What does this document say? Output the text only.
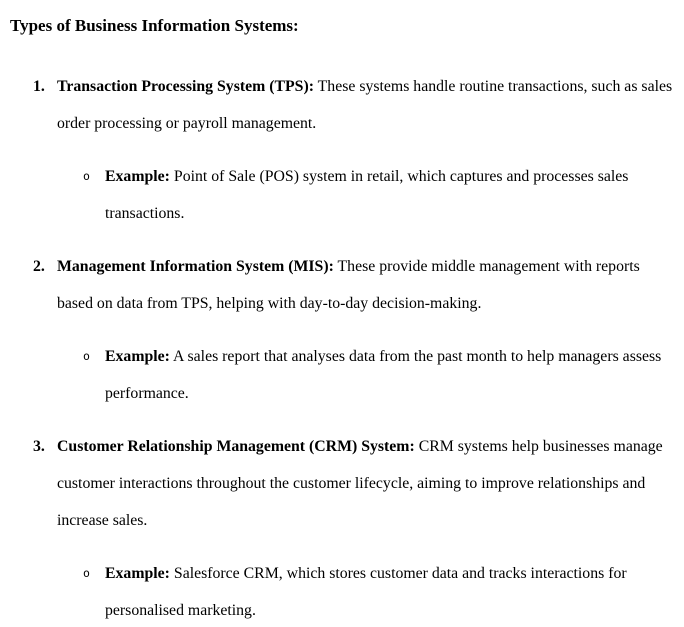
Types of Business Information Systems:
1. Transaction Processing System (TPS): These systems handle routine transactions, such as sales order processing or payroll management.
o Example: Point of Sale (POS) system in retail, which captures and processes sales transactions.
2. Management Information System (MIS): These provide middle management with reports based on data from TPS, helping with day-to-day decision-making.
o Example: A sales report that analyses data from the past month to help managers assess performance.
3. Customer Relationship Management (CRM) System: CRM systems help businesses manage customer interactions throughout the customer lifecycle, aiming to improve relationships and increase sales.
o Example: Salesforce CRM, which stores customer data and tracks interactions for personalised marketing.
